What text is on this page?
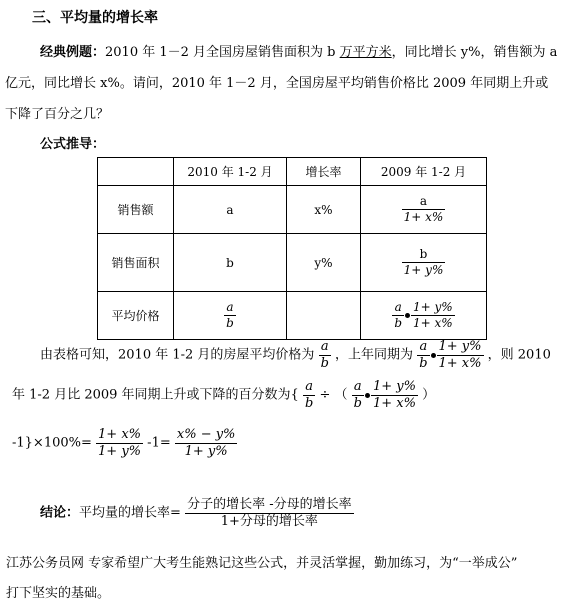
三、平均量的增长率
经典例题：2010 年 1－2 月全国房屋销售面积为 b 万平方米，同比增长 y%，销售额为 a
亿元，同比增长 x%。请问，2010 年 1－2 月，全国房屋平均销售价格比 2009 年同期上升或
下降了百分之几？
公式推导：
	2010 年 1-2 月	增长率	2009 年 1-2 月
销售额	a	x%	$\frac{a}{1+ x\%}$

销售面积	b	y%	$\frac{b}{1+ y\%}$

平均价格	$\frac{a}{b}$		$\frac{a}{b} \frac{1+ y\%}{1+ x\%}$
由表格可知，2010 年 1-2 月的房屋平均价格为 $\frac{a}{b}$ ，上年同期为 $\frac{a}{b} \frac{1+ y\%}{1+ x\%}$ ，则 2010
年 1-2 月比 2009 年同期上升或下降的百分数为{ $\frac{a}{b}$ ÷ （ $\frac{a}{b} \frac{1+ y\%}{1+ x\%}$ ）
$-1\}\times 100\%= \frac{1+ x\%}{1+ y\%} -1= \frac{x\% - y\%}{1+ y\%}$
结论：平均量的增长率= $\frac{\text{分子的增长率 -分母的增长率}}{\text{1+分母的增长率}}$
江苏公务员网 专家希望广大考生能熟记这些公式，并灵活掌握，勤加练习，为“一举成公”
打下坚实的基础。
